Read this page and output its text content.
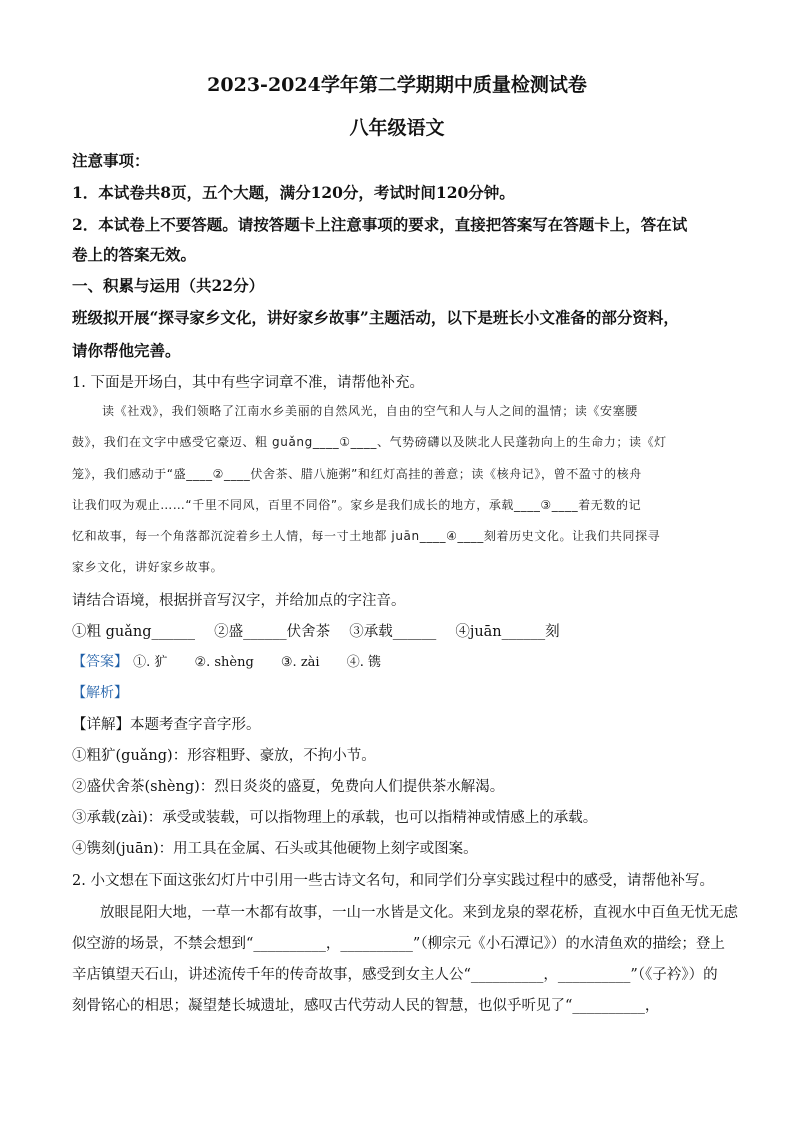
2023-2024学年第二学期期中质量检测试卷
八年级语文
注意事项：
1．本试卷共8页，五个大题，满分120分，考试时间120分钟。
2．本试卷上不要答题。请按答题卡上注意事项的要求，直接把答案写在答题卡上，答在试
卷上的答案无效。
一、积累与运用（共22分）
班级拟开展“探寻家乡文化，讲好家乡故事”主题活动，以下是班长小文准备的部分资料，
请你帮他完善。
1. 下面是开场白，其中有些字词章不准，请帮他补充。
读《社戏》，我们领略了江南水乡美丽的自然风光，自由的空气和人与人之间的温情；读《安塞腰
鼓》，我们在文字中感受它豪迈、粗 guǎng____①____、气势磅礴以及陕北人民蓬勃向上的生命力；读《灯
笼》，我们感动于“盛____②____伏舍茶、腊八施粥”和红灯高挂的善意；读《核舟记》，曾不盈寸的核舟
让我们叹为观止……“千里不同风，百里不同俗”。家乡是我们成长的地方，承载____③____着无数的记
忆和故事，每一个角落都沉淀着乡土人情，每一寸土地都 juān____④____刻着历史文化。让我们共同探寻
家乡文化，讲好家乡故事。
请结合语境，根据拼音写汉字，并给加点的字注音。
①粗 guǎng______　 ②盛______伏舍茶　 ③承载______　 ④juān______刻
【答案】 ①. 犷 ②. shèng ③. zài ④. 镌
【解析】
【详解】本题考查字音字形。
①粗犷(guǎng)：形容粗野、豪放，不拘小节。
②盛伏舍茶(shèng)：烈日炎炎的盛夏，免费向人们提供茶水解渴。
③承载(zài)：承受或装载，可以指物理上的承载，也可以指精神或情感上的承载。
④镌刻(juān)：用工具在金属、石头或其他硬物上刻字或图案。
2. 小文想在下面这张幻灯片中引用一些古诗文名句，和同学们分享实践过程中的感受，请帮他补写。
放眼昆阳大地，一草一木都有故事，一山一水皆是文化。来到龙泉的翠花桥，直视水中百鱼无忧无虑
似空游的场景，不禁会想到“__________，__________”（柳宗元《小石潭记》）的水清鱼欢的描绘；登上
辛店镇望天石山，讲述流传千年的传奇故事，感受到女主人公“__________，__________”（《子衿》）的
刻骨铭心的相思；凝望楚长城遗址，感叹古代劳动人民的智慧，也似乎听见了“__________，
